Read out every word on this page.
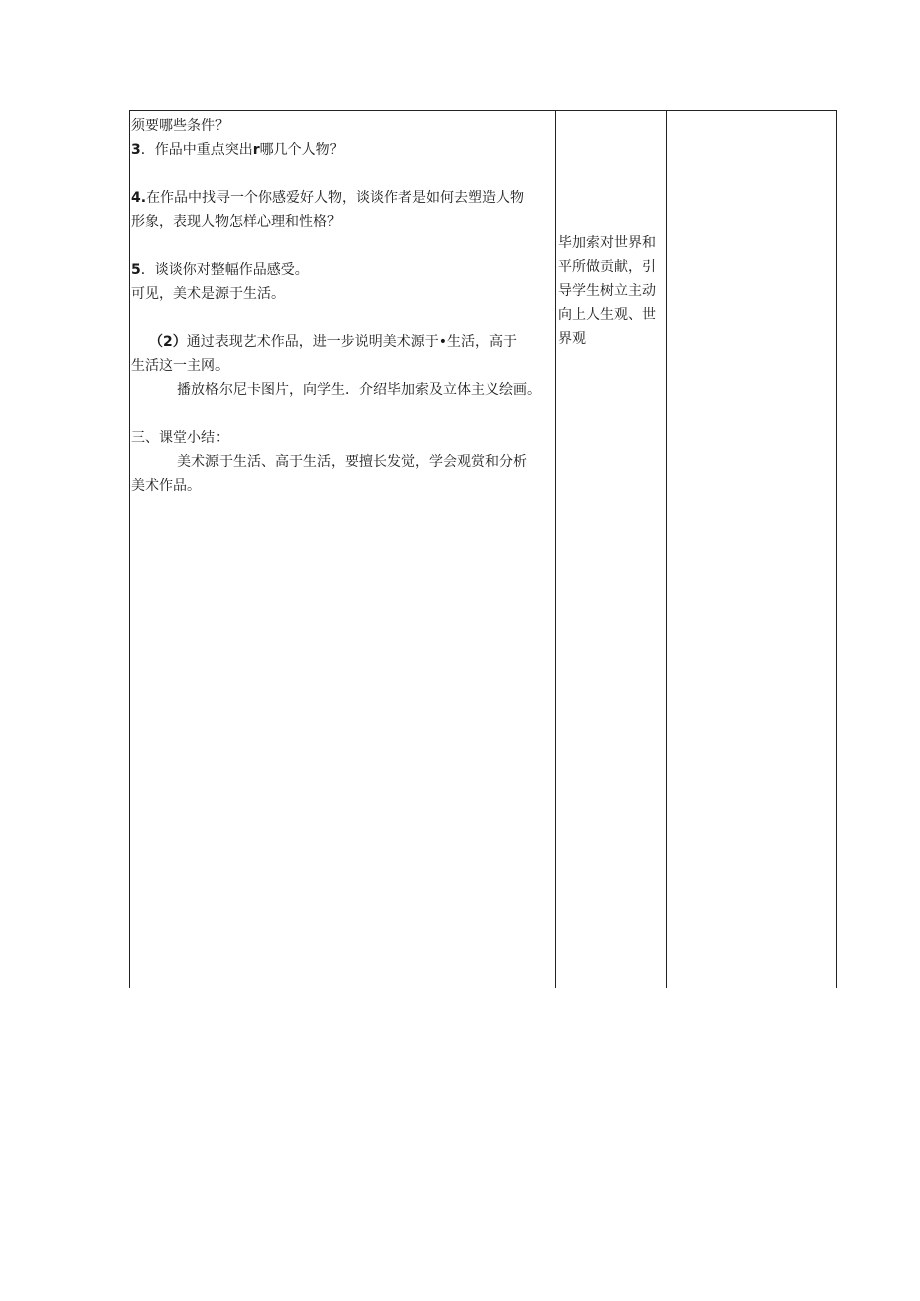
须要哪些条件？
3．作品中重点突出r哪几个人物？
4.在作品中找寻一个你感爱好人物，谈谈作者是如何去塑造人物
形象，表现人物怎样心理和性格？
5．谈谈你对整幅作品感受。
可见，美术是源于生活。
（2）通过表现艺术作品，进一步说明美术源于•生活，高于
生活这一主网。
播放格尔尼卡图片，向学生．介绍毕加索及立体主义绘画。
三、课堂小结：
美术源于生活、高于生活，要擅长发觉，学会观赏和分析
美术作品。
毕加索对世界和
平所做贡献，引
导学生树立主动
向上人生观、世
界观
